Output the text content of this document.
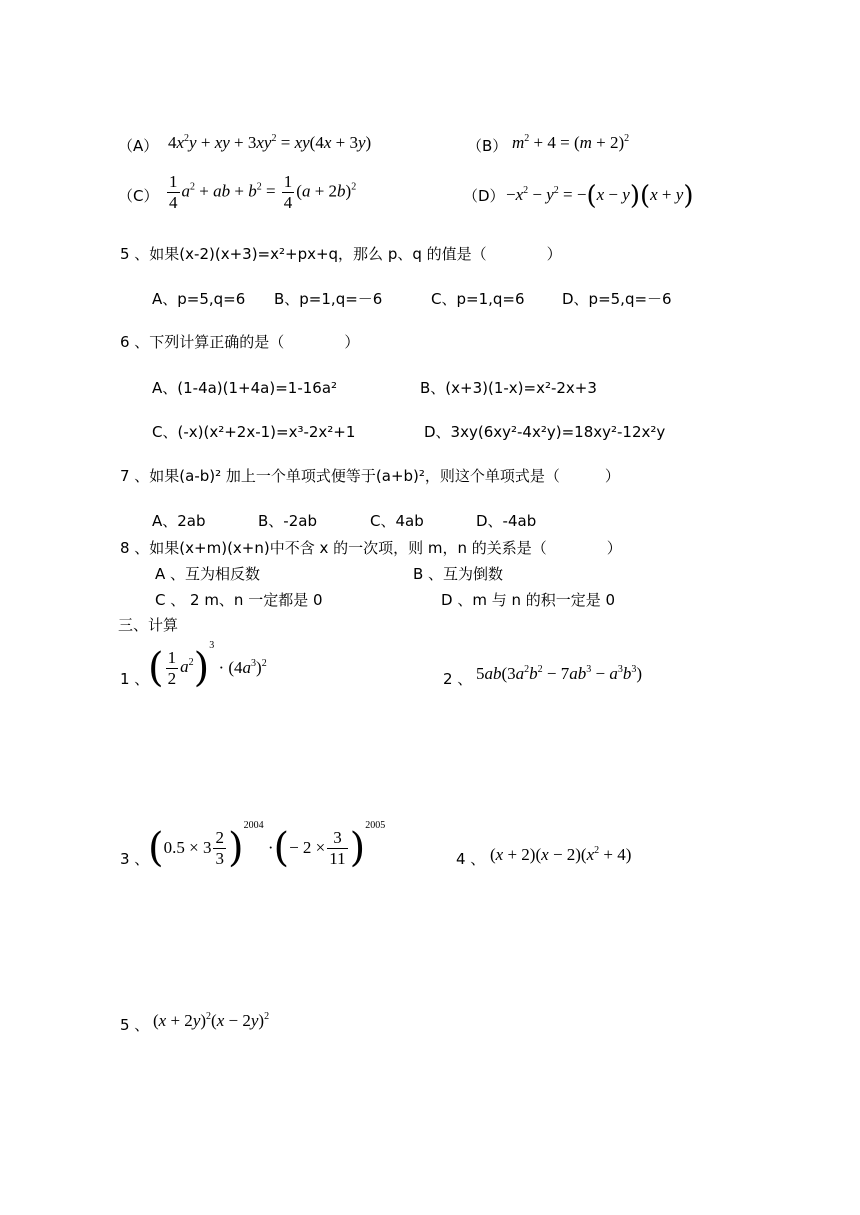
（A） $4x^2y$ + xy + $3xy^2 = xy(4x + 3y)$	（B） $m^2 + 4 = (m + 2)^2$
$(C) \frac{1}{4} a^2$ + ab + $b^2 = \frac{1}{4} (a + 2b)^2$
$(D) -x^2 - y^2 = -(x - y)(x + y)$
5 、如果(x-2)(x+3)=x²+px+q，那么 p、q 的值是（　　　　）
A、p=5,q=6 B、p=1,q=－6	C、p=1,q=6 D、p=5,q=－6
6 、下列计算正确的是（　　　　）
A、(1-4a)(1+4a)=1-16a²	B、(x+3)(1-x)=x²-2x+3
C、(-x)(x²+2x-1)=x³-2x²+1	D、3xy(6xy²-4x²y)=18xy²-12x²y
7 、如果(a-b)² 加上一个单项式便等于(a+b)²，则这个单项式是（　　　）
A、2ab	B、-2ab	C、4ab	D、-4ab
8 、如果(x+m)(x+n)中不含 x 的一次项，则 m，n 的关系是（　　　　）
A 、互为相反数	B 、互为倒数
C 、 2 m、n 一定都是 0	D 、m 与 n 的积一定是 0
三、计算
1 、
( $\frac{1}{2} a^2)^3 \cdot (4a^3)^2$
2 、 $5ab(3a^2b^2 - 7ab^3 - a^3b^3)$
3 、
$(0.5 \times 3 \frac{2}{3} )^{2004}$ ·(− $2 \times \frac{3}{11} )^{2005}$
4 、 $(x + 2)(x - 2)(x^2 + 4)$
5 、 $(x + 2y)^2(x - 2y)^2$
